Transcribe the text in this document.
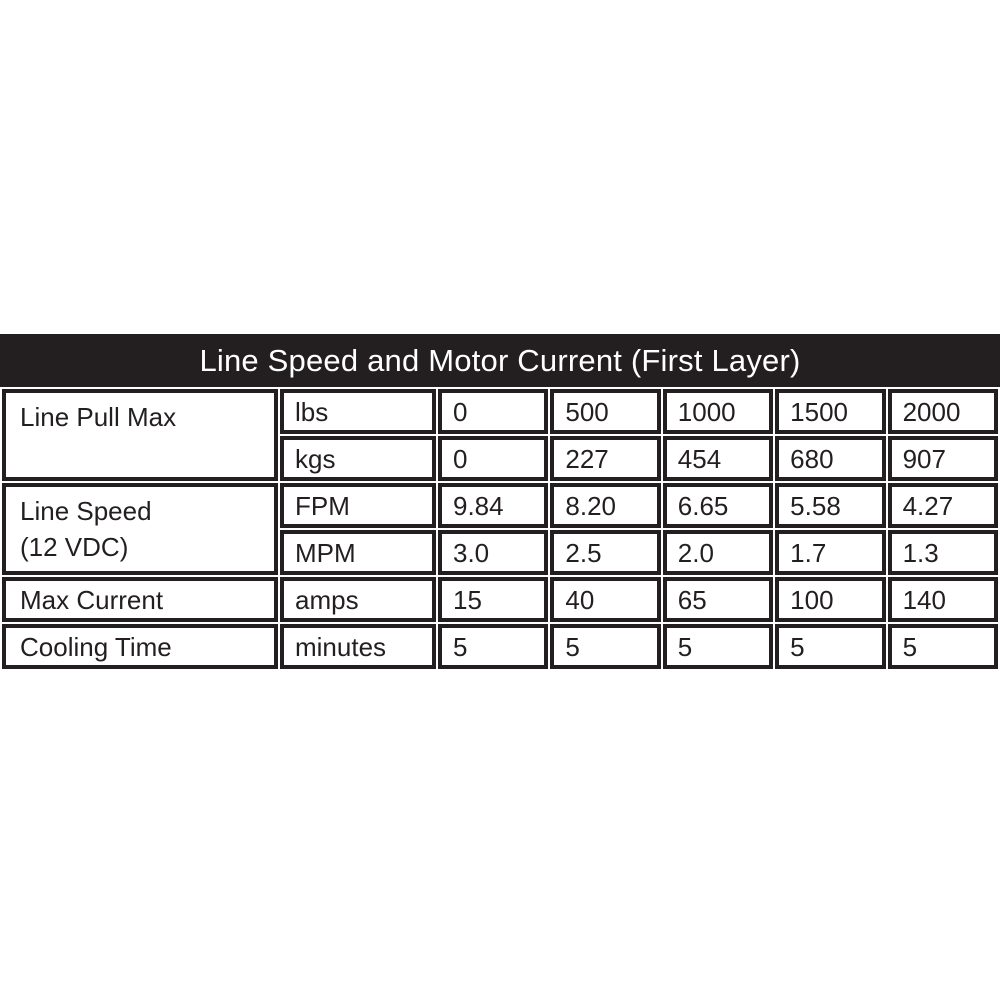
Line Speed and Motor Current (First Layer)
Line Pull Max	lbs	0	500	1000	1500	2000
	kgs	0	227	454	680	907

Line Speed
(12 VDC)	FPM	9.84	8.20	6.65	5.58	4.27
	MPM	3.0	2.5	2.0	1.7	1.3
Max Current	amps	15	40	65	100	140
Cooling Time	minutes	5	5	5	5	5
